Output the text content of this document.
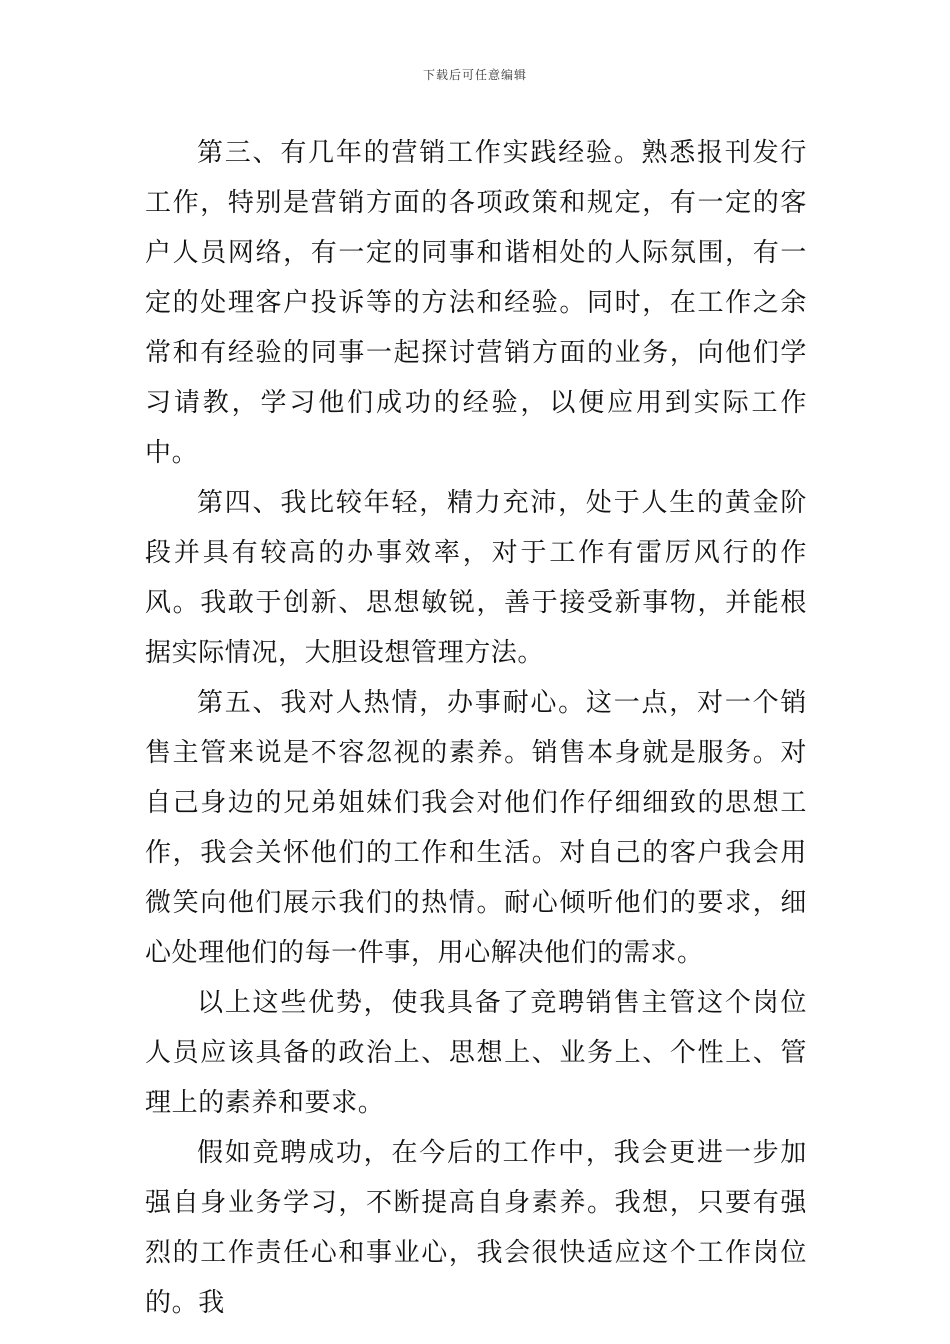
下载后可任意编辑

第三、有几年的营销工作实践经验。熟悉报刊发行工作，特别是营销方面的各项政策和规定，有一定的客户人员网络，有一定的同事和谐相处的人际氛围，有一定的处理客户投诉等的方法和经验。同时，在工作之余常和有经验的同事一起探讨营销方面的业务，向他们学习请教，学习他们成功的经验，以便应用到实际工作中。

第四、我比较年轻，精力充沛，处于人生的黄金阶段并具有较高的办事效率，对于工作有雷厉风行的作风。我敢于创新、思想敏锐，善于接受新事物，并能根据实际情况，大胆设想管理方法。

第五、我对人热情，办事耐心。这一点，对一个销售主管来说是不容忽视的素养。销售本身就是服务。对自己身边的兄弟姐妹们我会对他们作仔细细致的思想工作，我会关怀他们的工作和生活。对自己的客户我会用微笑向他们展示我们的热情。耐心倾听他们的要求，细心处理他们的每一件事，用心解决他们的需求。

以上这些优势，使我具备了竞聘销售主管这个岗位人员应该具备的政治上、思想上、业务上、个性上、管理上的素养和要求。

假如竞聘成功，在今后的工作中，我会更进一步加强自身业务学习，不断提高自身素养。我想，只要有强烈的工作责任心和事业心，我会很快适应这个工作岗位的。我
